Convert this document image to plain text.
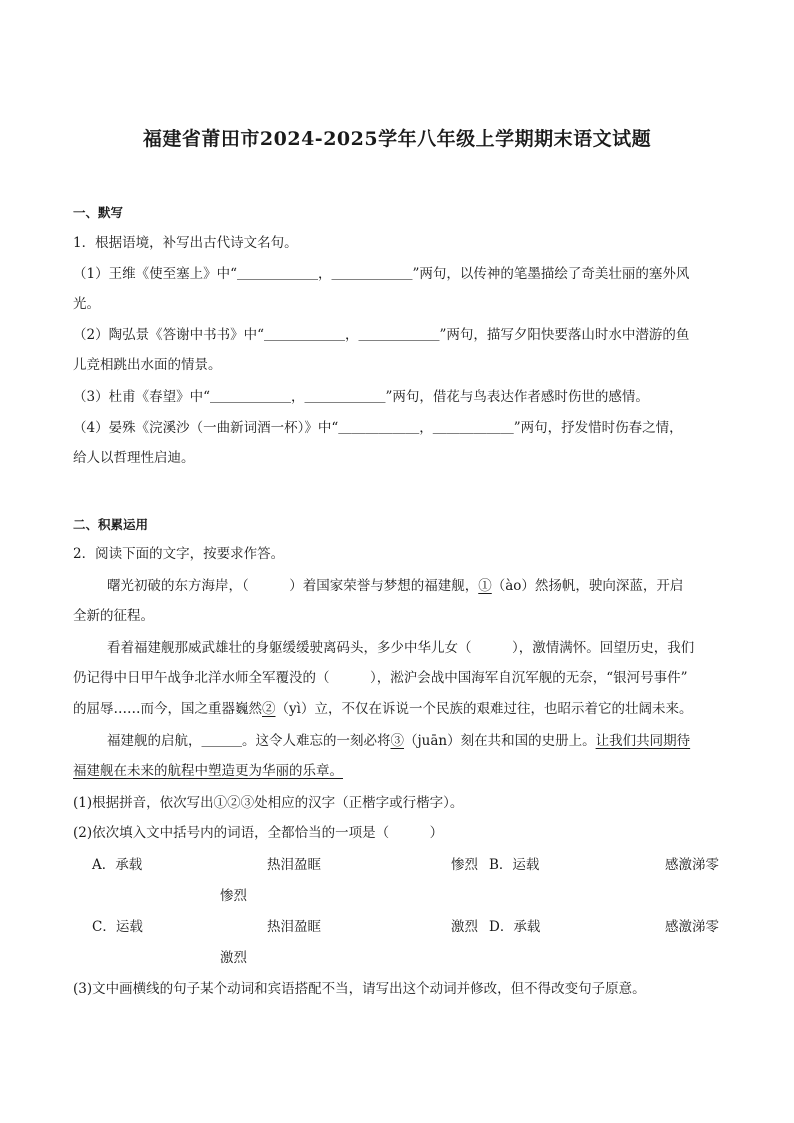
福建省莆田市2024-2025学年八年级上学期期末语文试题
一、默写
1．根据语境，补写出古代诗文名句。
（1）王维《使至塞上》中“＿＿＿＿＿＿，＿＿＿＿＿＿”两句，以传神的笔墨描绘了奇美壮丽的塞外风
光。
（2）陶弘景《答谢中书书》中“＿＿＿＿＿＿，＿＿＿＿＿＿”两句，描写夕阳快要落山时水中潜游的鱼
儿竞相跳出水面的情景。
（3）杜甫《春望》中“＿＿＿＿＿＿，＿＿＿＿＿＿”两句，借花与鸟表达作者感时伤世的感情。
（4）晏殊《浣溪沙（一曲新词酒一杯）》中“＿＿＿＿＿＿，＿＿＿＿＿＿”两句，抒发惜时伤春之情，
给人以哲理性启迪。
二、积累运用
2．阅读下面的文字，按要求作答。
曙光初破的东方海岸，（　　　）着国家荣誉与梦想的福建舰，①（ào）然扬帆，驶向深蓝，开启
全新的征程。
看着福建舰那威武雄壮的身躯缓缓驶离码头，多少中华儿女（　　　），激情满怀。回望历史，我们
仍记得中日甲午战争北洋水师全军覆没的（　　　），淞沪会战中国海军自沉军舰的无奈，“银河号事件”
的屈辱……而今，国之重器巍然②（yì）立，不仅在诉说一个民族的艰难过往，也昭示着它的壮阔未来。
福建舰的启航，＿＿＿。这令人难忘的一刻必将③（juān）刻在共和国的史册上。让我们共同期待
福建舰在未来的航程中塑造更为华丽的乐章。
(1)根据拼音，依次写出①②③处相应的汉字（正楷字或行楷字）。
(2)依次填入文中括号内的词语，全都恰当的一项是（　　　）
A．承载	热泪盈眶	惨烈 B．运载	感激涕零
惨烈
C．运载	热泪盈眶	激烈 D．承载	感激涕零
激烈
(3)文中画横线的句子某个动词和宾语搭配不当，请写出这个动词并修改，但不得改变句子原意。
